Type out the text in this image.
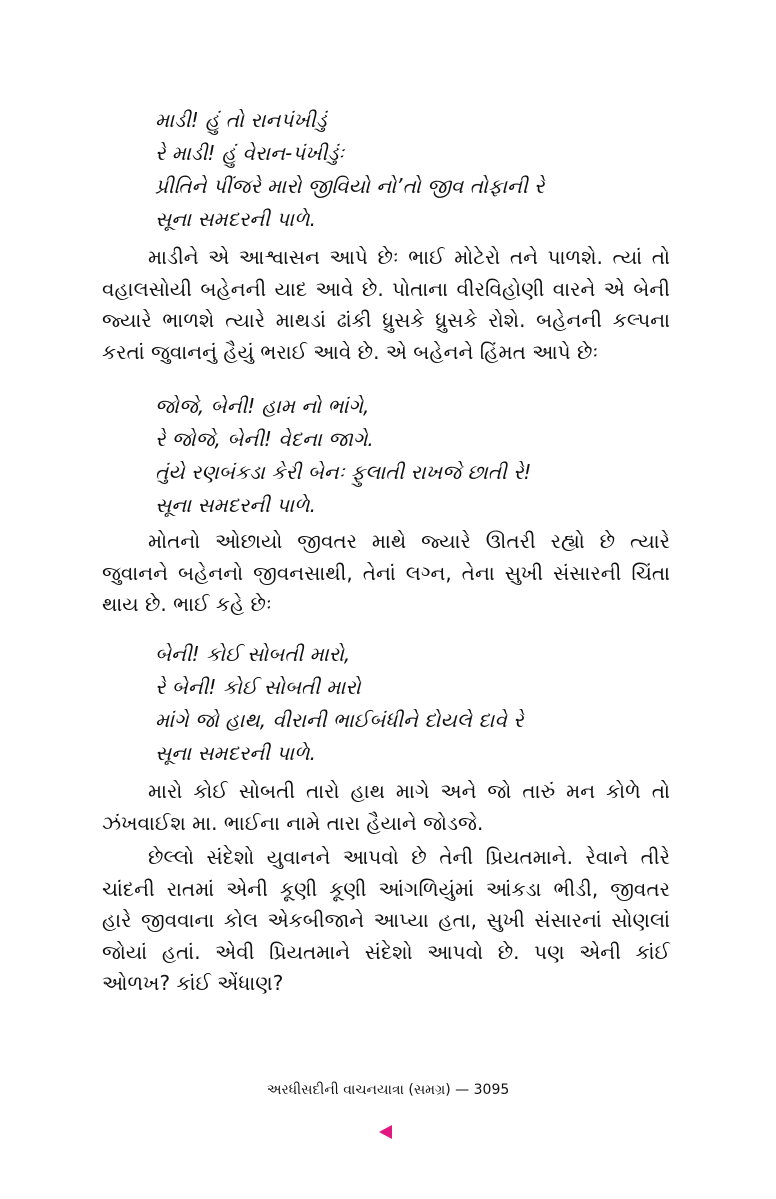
માડી! હું તો રાનપંખીડું
રે માડી! હું વેરાન-પંખીડુંઃ
પ્રીતિને પીંજરે મારો જીવિયો નો’તો જીવ તોફાની રે
સૂના સમદરની પાળે.
માડીને એ આશ્વાસન આપે છેઃ ભાઈ મોટેરો તને પાળશે. ત્યાં તો
વહાલસોયી બહેનની યાદ આવે છે. પોતાના વીરવિહોણી વારને એ બેની
જ્યારે ભાળશે ત્યારે માથડાં ઢાંકી ધ્રુસકે ધ્રુસકે રોશે. બહેનની કલ્પના
કરતાં જુવાનનું હૈયું ભરાઈ આવે છે. એ બહેનને હિંમત આપે છેઃ
જોજે, બેની! હામ નો ભાંગે,
રે જોજે, બેની! વેદના જાગે.
તુંયે રણબંકડા કેરી બેનઃ ફુલાતી રાખજે છાતી રે!
સૂના સમદરની પાળે.
મોતનો ઓછાયો જીવતર માથે જ્યારે ઊતરી રહ્યો છે ત્યારે
જુવાનને બહેનનો જીવનસાથી, તેનાં લગ્ન, તેના સુખી સંસારની ચિંતા
થાય છે. ભાઈ કહે છેઃ
બેની! કોઈ સોબતી મારો,
રે બેની! કોઈ સોબતી મારો
માંગે જો હાથ, વીરાની ભાઈબંધીને દોયલે દાવે રે
સૂના સમદરની પાળે.
મારો કોઈ સોબતી તારો હાથ માગે અને જો તારું મન કોળે તો
ઝંખવાઈશ મા. ભાઈના નામે તારા હૈયાને જોડજે.
છેલ્લો સંદેશો યુવાનને આપવો છે તેની પ્રિયતમાને. રેવાને તીરે
ચાંદની રાતમાં એની કૂણી કૂણી આંગળિયુંમાં આંકડા ભીડી, જીવતર
હારે જીવવાના કોલ એકબીજાને આપ્યા હતા, સુખી સંસારનાં સોણલાં
જોયાં હતાં. એવી પ્રિયતમાને સંદેશો આપવો છે. પણ એની કાંઈ
ઓળખ? કાંઈ એંધાણ?
અરધીસદીની વાચનયાત્રા (સમગ્ર) — 3095
